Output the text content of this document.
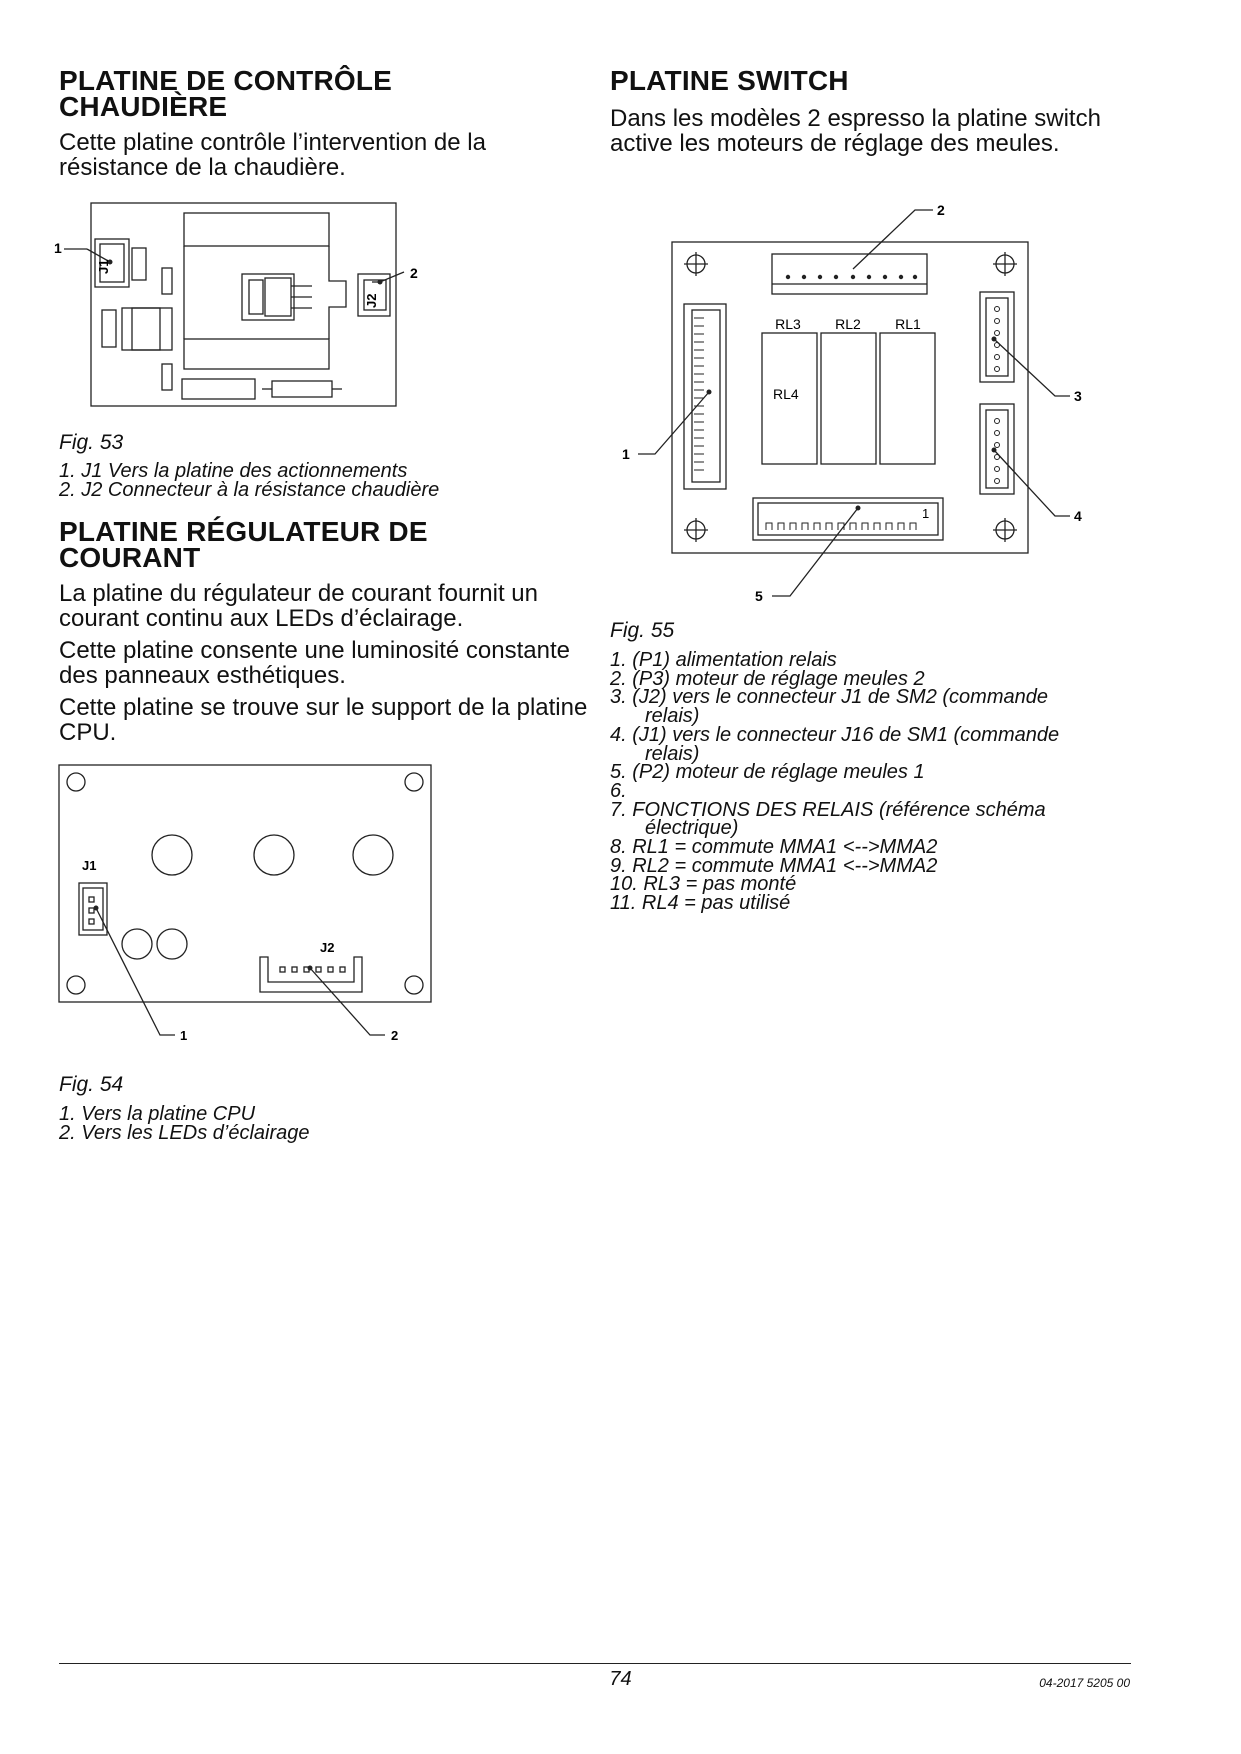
PLATINE DE CONTRÔLE
CHAUDIÈRE

Cette platine contrôle l’intervention de la résistance de la chaudière.

1
2
J1
J2

Fig. 53

1. J1 Vers la platine des actionnements
2. J2 Connecteur à la résistance chaudière
PLATINE RÉGULATEUR DE
COURANT

La platine du régulateur de courant fournit un courant continu aux LEDs d’éclairage.

Cette platine consente une luminosité constante des panneaux esthétiques.

Cette platine se trouve sur le support de la platine CPU.

J1
J2
1	2

Fig. 54

1. Vers la platine CPU
2. Vers les LEDs d’éclairage
PLATINE SWITCH

Dans les modèles 2 espresso la platine switch active les moteurs de réglage des meules.

RL3 RL2 RL1
RL4
1
2
1
3
4
5

Fig. 55

1. (P1) alimentation relais
2. (P3) moteur de réglage meules 2
3. (J2) vers le connecteur J1 de SM2 (commande
relais)
4. (J1) vers le connecteur J16 de SM1 (commande
relais)
5. (P2) moteur de réglage meules 1
6.
7. FONCTIONS DES RELAIS (référence schéma
électrique)
8. RL1 = commute MMA1 <-->MMA2
9. RL2 = commute MMA1 <-->MMA2
10. RL3 = pas monté
11. RL4 = pas utilisé
74	04-2017 5205 00
